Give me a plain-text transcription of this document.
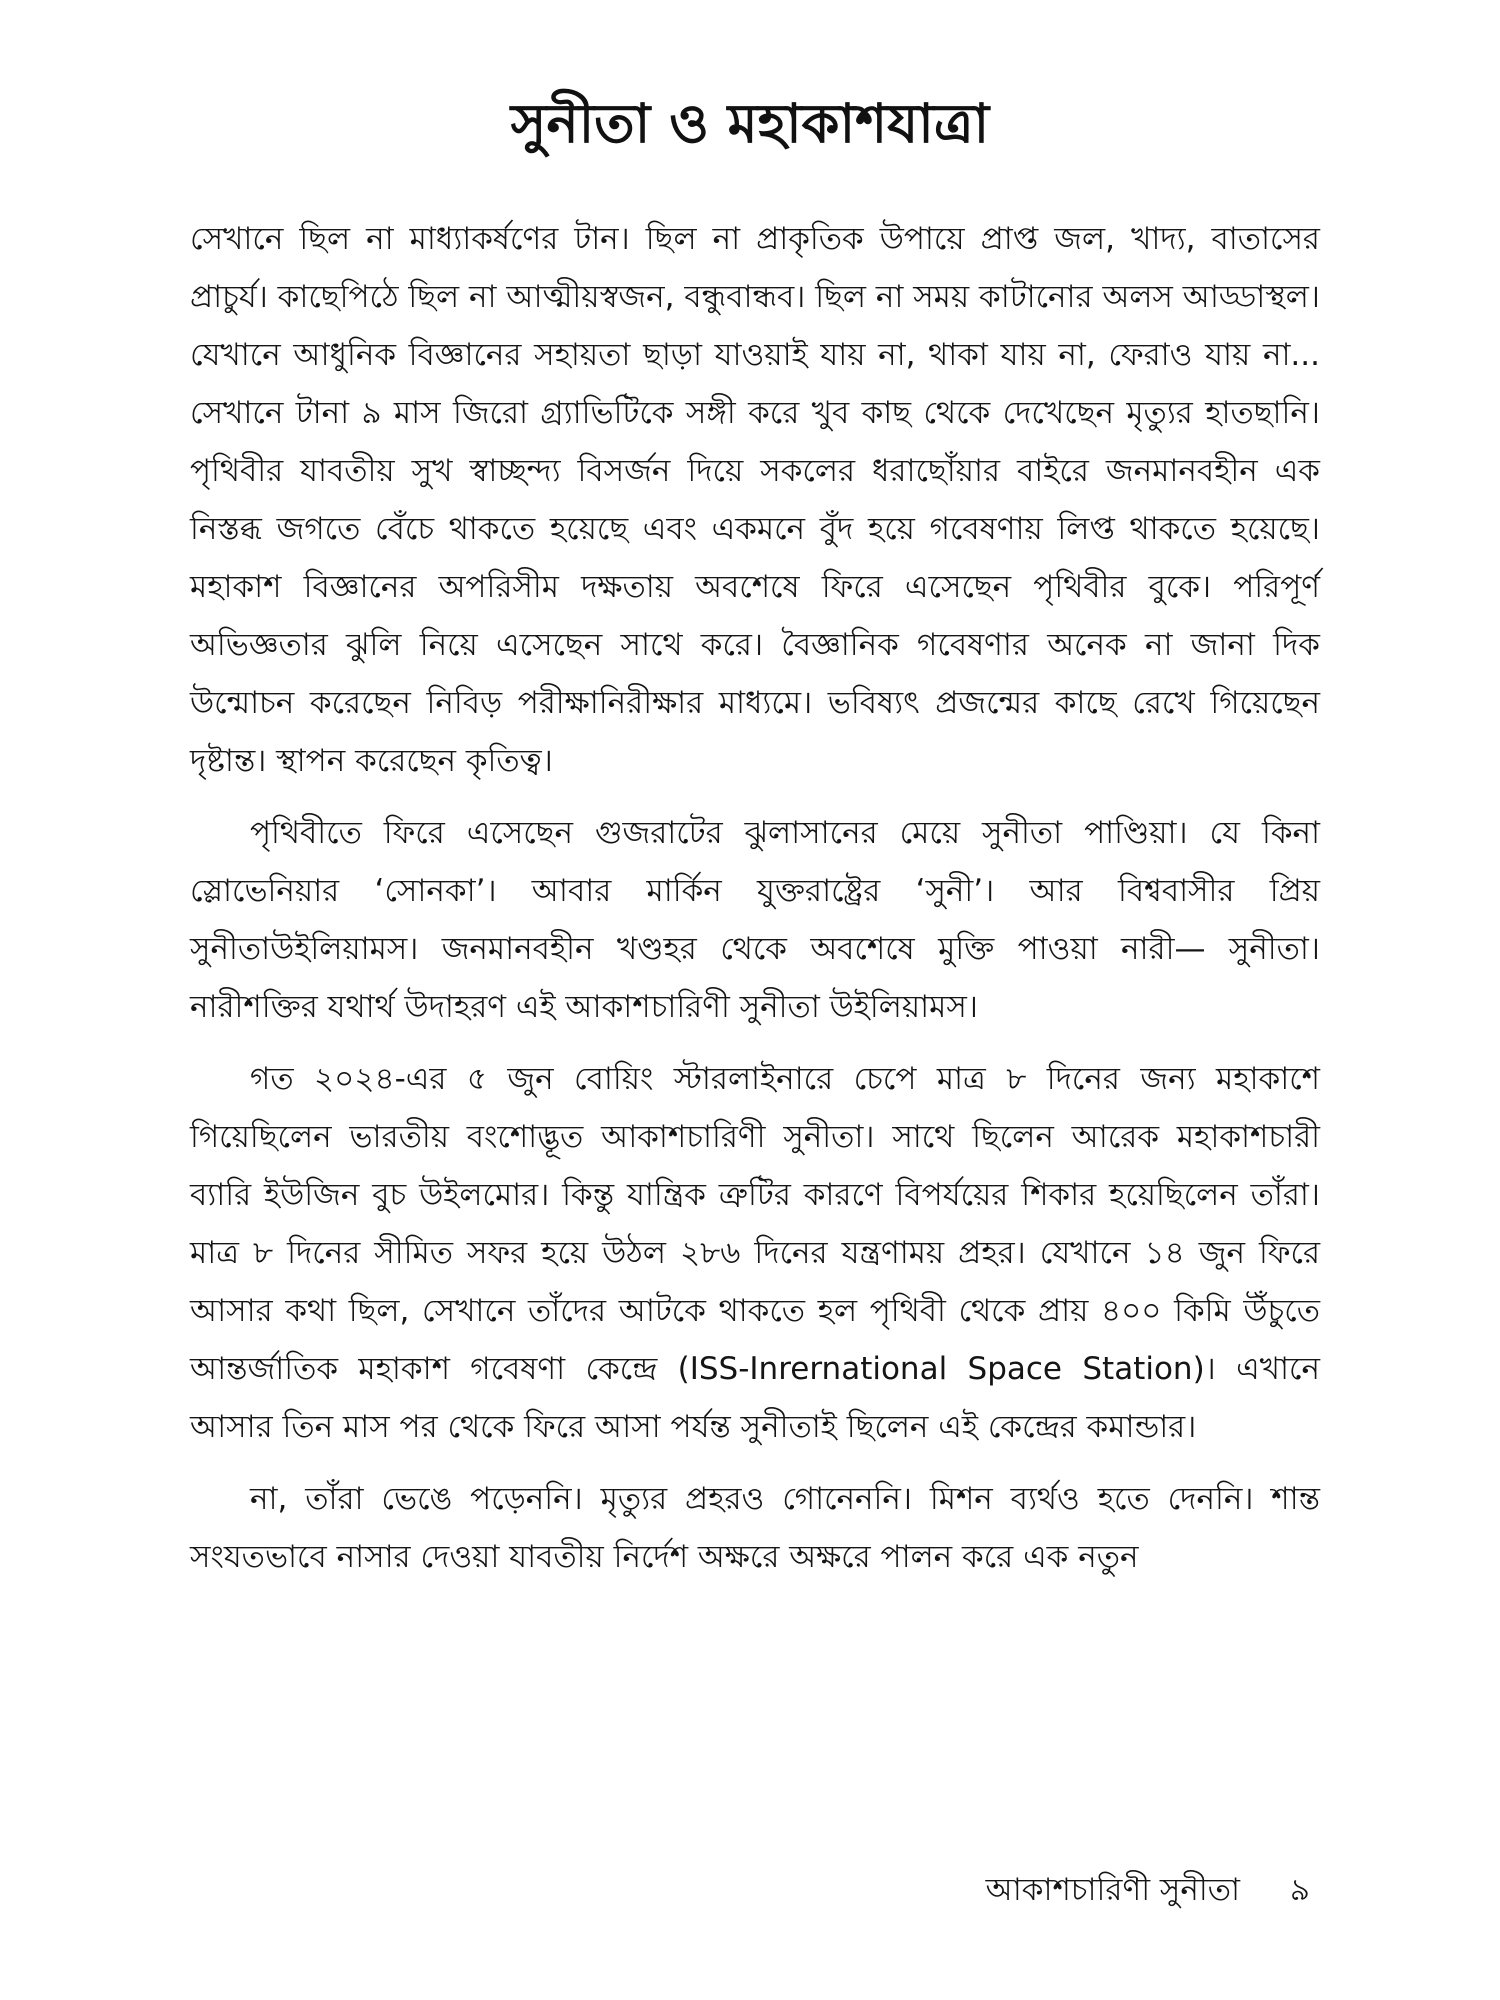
সুনীতা ও মহাকাশযাত্রা

সেখানে ছিল না মাধ্যাকর্ষণের টান। ছিল না প্রাকৃতিক উপায়ে প্রাপ্ত জল, খাদ্য, বাতাসের প্রাচুর্য। কাছেপিঠে ছিল না আত্মীয়স্বজন, বন্ধুবান্ধব। ছিল না সময় কাটানোর অলস আড্ডাস্থল। যেখানে আধুনিক বিজ্ঞানের সহায়তা ছাড়া যাওয়াই যায় না, থাকা যায় না, ফেরাও যায় না... সেখানে টানা ৯ মাস জিরো গ্র্যাভিটিকে সঙ্গী করে খুব কাছ থেকে দেখেছেন মৃত্যুর হাতছানি। পৃথিবীর যাবতীয় সুখ স্বাচ্ছন্দ্য বিসর্জন দিয়ে সকলের ধরাছোঁয়ার বাইরে জনমানবহীন এক নিস্তব্ধ জগতে বেঁচে থাকতে হয়েছে এবং একমনে বুঁদ হয়ে গবেষণায় লিপ্ত থাকতে হয়েছে। মহাকাশ বিজ্ঞানের অপরিসীম দক্ষতায় অবশেষে ফিরে এসেছেন পৃথিবীর বুকে। পরিপূর্ণ অভিজ্ঞতার ঝুলি নিয়ে এসেছেন সাথে করে। বৈজ্ঞানিক গবেষণার অনেক না জানা দিক উন্মোচন করেছেন নিবিড় পরীক্ষানিরীক্ষার মাধ্যমে। ভবিষ্যৎ প্রজন্মের কাছে রেখে গিয়েছেন দৃষ্টান্ত। স্থাপন করেছেন কৃতিত্ব।

পৃথিবীতে ফিরে এসেছেন গুজরাটের ঝুলাসানের মেয়ে সুনীতা পাণ্ডিয়া। যে কিনা স্লোভেনিয়ার ‘সোনকা’। আবার মার্কিন যুক্তরাষ্ট্রের ‘সুনী’। আর বিশ্ববাসীর প্রিয় সুনীতাউইলিয়ামস। জনমানবহীন খণ্ডহর থেকে অবশেষে মুক্তি পাওয়া নারী— সুনীতা। নারীশক্তির যথার্থ উদাহরণ এই আকাশচারিণী সুনীতা উইলিয়ামস।

গত ২০২৪-এর ৫ জুন বোয়িং স্টারলাইনারে চেপে মাত্র ৮ দিনের জন্য মহাকাশে গিয়েছিলেন ভারতীয় বংশোদ্ভূত আকাশচারিণী সুনীতা। সাথে ছিলেন আরেক মহাকাশচারী ব্যারি ইউজিন বুচ উইলমোর। কিন্তু যান্ত্রিক ত্রুটির কারণে বিপর্যয়ের শিকার হয়েছিলেন তাঁরা। মাত্র ৮ দিনের সীমিত সফর হয়ে উঠল ২৮৬ দিনের যন্ত্রণাময় প্রহর। যেখানে ১৪ জুন ফিরে আসার কথা ছিল, সেখানে তাঁদের আটকে থাকতে হল পৃথিবী থেকে প্রায় ৪০০ কিমি উঁচুতে আন্তর্জাতিক মহাকাশ গবেষণা কেন্দ্রে (ISS-Inrernational Space Station)। এখানে আসার তিন মাস পর থেকে ফিরে আসা পর্যন্ত সুনীতাই ছিলেন এই কেন্দ্রের কমান্ডার।

না, তাঁরা ভেঙে পড়েননি। মৃত্যুর প্রহরও গোনেননি। মিশন ব্যর্থও হতে দেননি। শান্ত সংযতভাবে নাসার দেওয়া যাবতীয় নির্দেশ অক্ষরে অক্ষরে পালন করে এক নতুন

আকাশচারিণী সুনীতা ৯
